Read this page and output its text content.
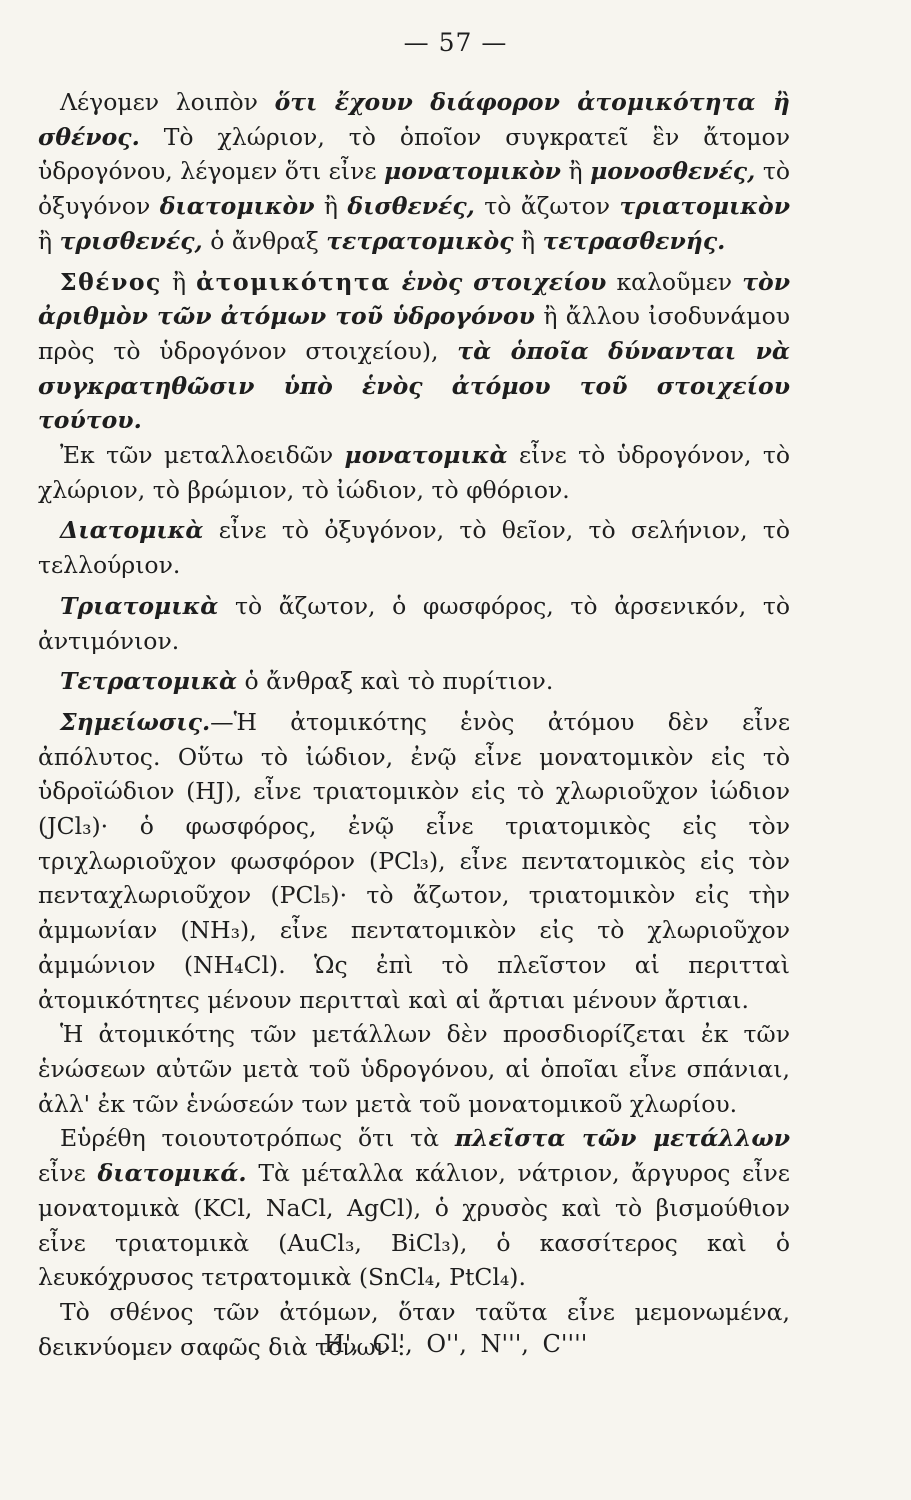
— 57 —

Λέγομεν λοιπὸν ὅτι ἔχουν διάφορον ἀτομικότητα ἢ σθένος. Τὸ χλώριον, τὸ ὁποῖον συγκρατεῖ ἓν ἄτομον ὑδρογόνου, λέγομεν ὅτι εἶνε μονατομικὸν ἢ μονοσθενές, τὸ ὀξυγόνον διατομικὸν ἢ δισθενές, τὸ ἄζωτον τριατομικὸν ἢ τρισθενές, ὁ ἄνθραξ τετρατομικὸς ἢ τετρασθενής.

Σθένος ἢ ἀτομικότητα ἑνὸς στοιχείου καλοῦμεν τὸν ἀριθμὸν τῶν ἀτόμων τοῦ ὑδρογόνου ἢ ἄλλου ἰσοδυνάμου πρὸς τὸ ὑδρογόνον στοιχείου), τὰ ὁποῖα δύνανται νὰ συγκρατηθῶσιν ὑπὸ ἑνὸς ἀτόμου τοῦ στοιχείου τούτου.

Ἐκ τῶν μεταλλοειδῶν μονατομικὰ εἶνε τὸ ὑδρογόνον, τὸ χλώριον, τὸ βρώμιον, τὸ ἰώδιον, τὸ φθόριον.

Διατομικὰ εἶνε τὸ ὀξυγόνον, τὸ θεῖον, τὸ σελήνιον, τὸ τελλούριον.

Τριατομικὰ τὸ ἄζωτον, ὁ φωσφόρος, τὸ ἀρσενικόν, τὸ ἀντιμόνιον.

Τετρατομικὰ ὁ ἄνθραξ καὶ τὸ πυρίτιον.

Σημείωσις.—Ἡ ἀτομικότης ἑνὸς ἀτόμου δὲν εἶνε ἀπόλυτος. Οὕτω τὸ ἰώδιον, ἐνῷ εἶνε μονατομικὸν εἰς τὸ ὑδροϊώδιον (HJ), εἶνε τριατομικὸν εἰς τὸ χλωριοῦχον ἰώδιον (JCl₃)· ὁ φωσφόρος, ἐνῷ εἶνε τριατομικὸς εἰς τὸν τριχλωριοῦχον φωσφόρον (PCl₃), εἶνε πεντατομικὸς εἰς τὸν πενταχλωριοῦχον (PCl₅)· τὸ ἄζωτον, τριατομικὸν εἰς τὴν ἀμμωνίαν (NH₃), εἶνε πεντατομικὸν εἰς τὸ χλωριοῦχον ἀμμώνιον (NH₄Cl). Ὡς ἐπὶ τὸ πλεῖστον αἱ περιτταὶ ἀτομικότητες μένουν περιτταὶ καὶ αἱ ἄρτιαι μένουν ἄρτιαι.

Ἡ ἀτομικότης τῶν μετάλλων δὲν προσδιορίζεται ἐκ τῶν ἑνώσεων αὐτῶν μετὰ τοῦ ὑδρογόνου, αἱ ὁποῖαι εἶνε σπάνιαι, ἀλλ' ἐκ τῶν ἑνώσεών των μετὰ τοῦ μονατομικοῦ χλωρίου.

Εὑρέθη τοιουτοτρόπως ὅτι τὰ πλεῖστα τῶν μετάλλων εἶνε διατομικά. Τὰ μέταλλα κάλιον, νάτριον, ἄργυρος εἶνε μονατομικὰ (KCl, NaCl, AgCl), ὁ χρυσὸς καὶ τὸ βισμούθιον εἶνε τριατομικὰ (AuCl₃, BiCl₃), ὁ κασσίτερος καὶ ὁ λευκόχρυσος τετρατομικὰ (SnCl₄, PtCl₄).

Τὸ σθένος τῶν ἀτόμων, ὅταν ταῦτα εἶνε μεμονωμένα, δεικνύομεν σαφῶς διὰ τόνων :

H', Cl', O'', N''', C''''
